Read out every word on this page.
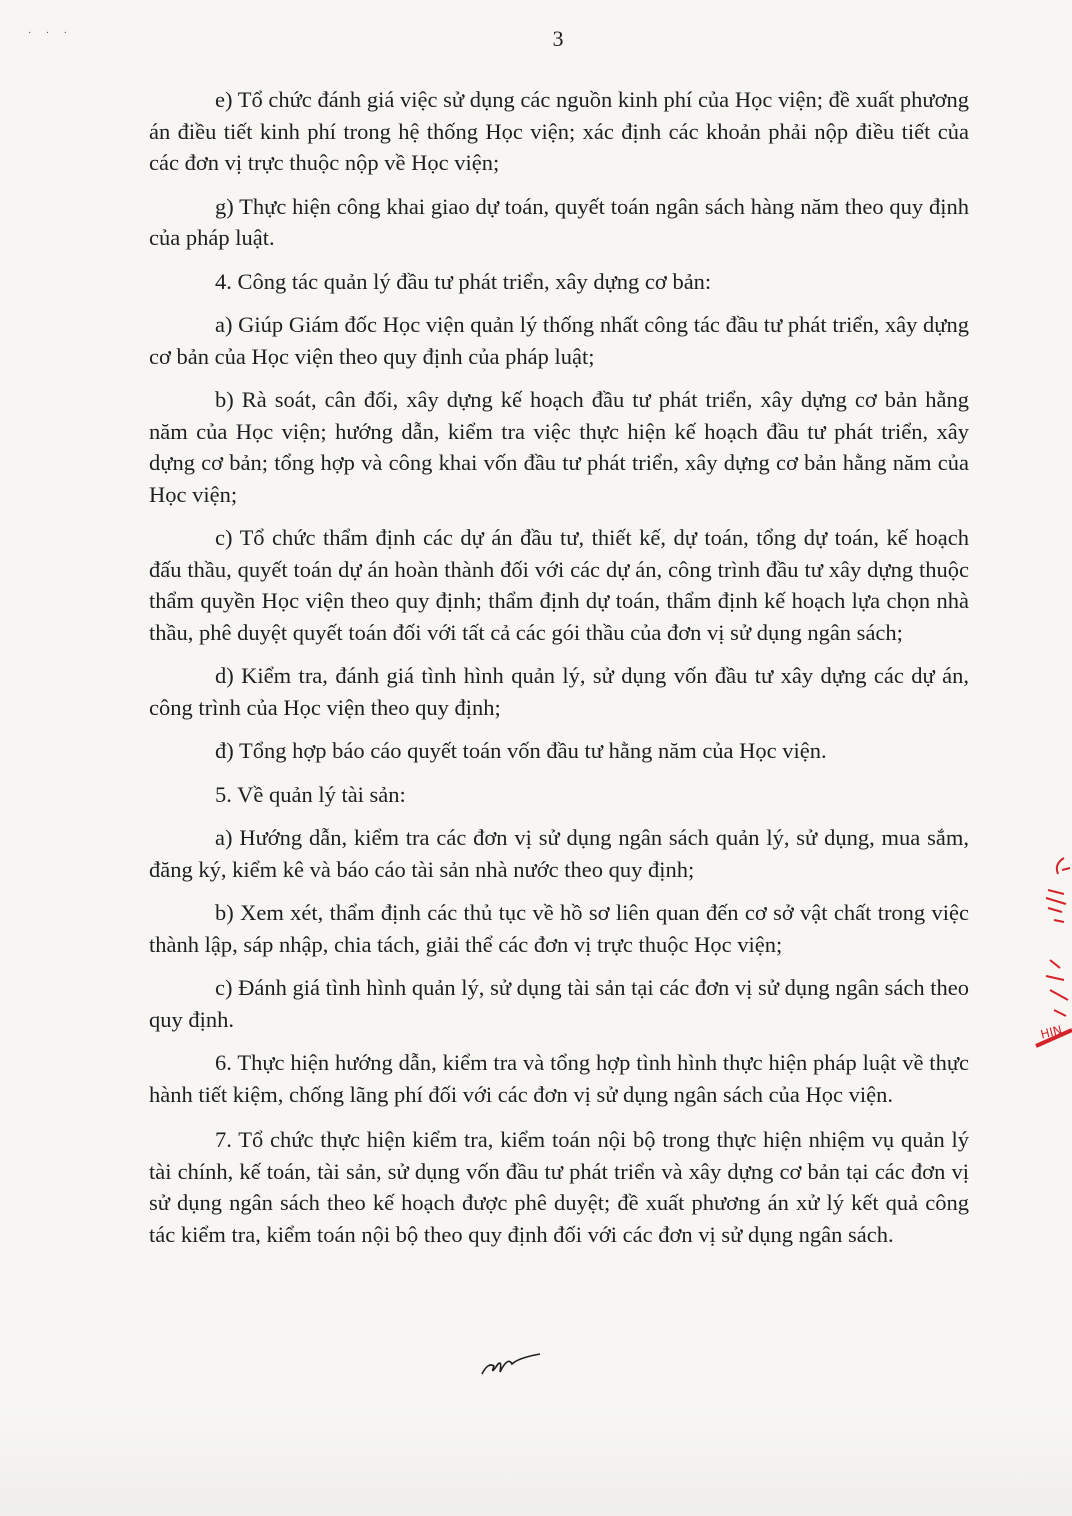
· · ·	3

e) Tổ chức đánh giá việc sử dụng các nguồn kinh phí của Học viện; đề xuất phương án điều tiết kinh phí trong hệ thống Học viện; xác định các khoản phải nộp điều tiết của các đơn vị trực thuộc nộp về Học viện;

g) Thực hiện công khai giao dự toán, quyết toán ngân sách hàng năm theo quy định của pháp luật.

4. Công tác quản lý đầu tư phát triển, xây dựng cơ bản:

a) Giúp Giám đốc Học viện quản lý thống nhất công tác đầu tư phát triển, xây dựng cơ bản của Học viện theo quy định của pháp luật;

b) Rà soát, cân đối, xây dựng kế hoạch đầu tư phát triển, xây dựng cơ bản hằng năm của Học viện; hướng dẫn, kiểm tra việc thực hiện kế hoạch đầu tư phát triển, xây dựng cơ bản; tổng hợp và công khai vốn đầu tư phát triển, xây dựng cơ bản hằng năm của Học viện;

c) Tổ chức thẩm định các dự án đầu tư, thiết kế, dự toán, tổng dự toán, kế hoạch đấu thầu, quyết toán dự án hoàn thành đối với các dự án, công trình đầu tư xây dựng thuộc thẩm quyền Học viện theo quy định; thẩm định dự toán, thẩm định kế hoạch lựa chọn nhà thầu, phê duyệt quyết toán đối với tất cả các gói thầu của đơn vị sử dụng ngân sách;

d) Kiểm tra, đánh giá tình hình quản lý, sử dụng vốn đầu tư xây dựng các dự án, công trình của Học viện theo quy định;

đ) Tổng hợp báo cáo quyết toán vốn đầu tư hằng năm của Học viện.

5. Về quản lý tài sản:

a) Hướng dẫn, kiểm tra các đơn vị sử dụng ngân sách quản lý, sử dụng, mua sắm, đăng ký, kiểm kê và báo cáo tài sản nhà nước theo quy định;

b) Xem xét, thẩm định các thủ tục về hồ sơ liên quan đến cơ sở vật chất trong việc thành lập, sáp nhập, chia tách, giải thể các đơn vị trực thuộc Học viện;

c) Đánh giá tình hình quản lý, sử dụng tài sản tại các đơn vị sử dụng ngân sách theo quy định.

6. Thực hiện hướng dẫn, kiểm tra và tổng hợp tình hình thực hiện pháp luật về thực hành tiết kiệm, chống lãng phí đối với các đơn vị sử dụng ngân sách của Học viện.

7. Tổ chức thực hiện kiểm tra, kiểm toán nội bộ trong thực hiện nhiệm vụ quản lý tài chính, kế toán, tài sản, sử dụng vốn đầu tư phát triển và xây dựng cơ bản tại các đơn vị sử dụng ngân sách theo kế hoạch được phê duyệt; đề xuất phương án xử lý kết quả công tác kiểm tra, kiểm toán nội bộ theo quy định đối với các đơn vị sử dụng ngân sách.

HIN
